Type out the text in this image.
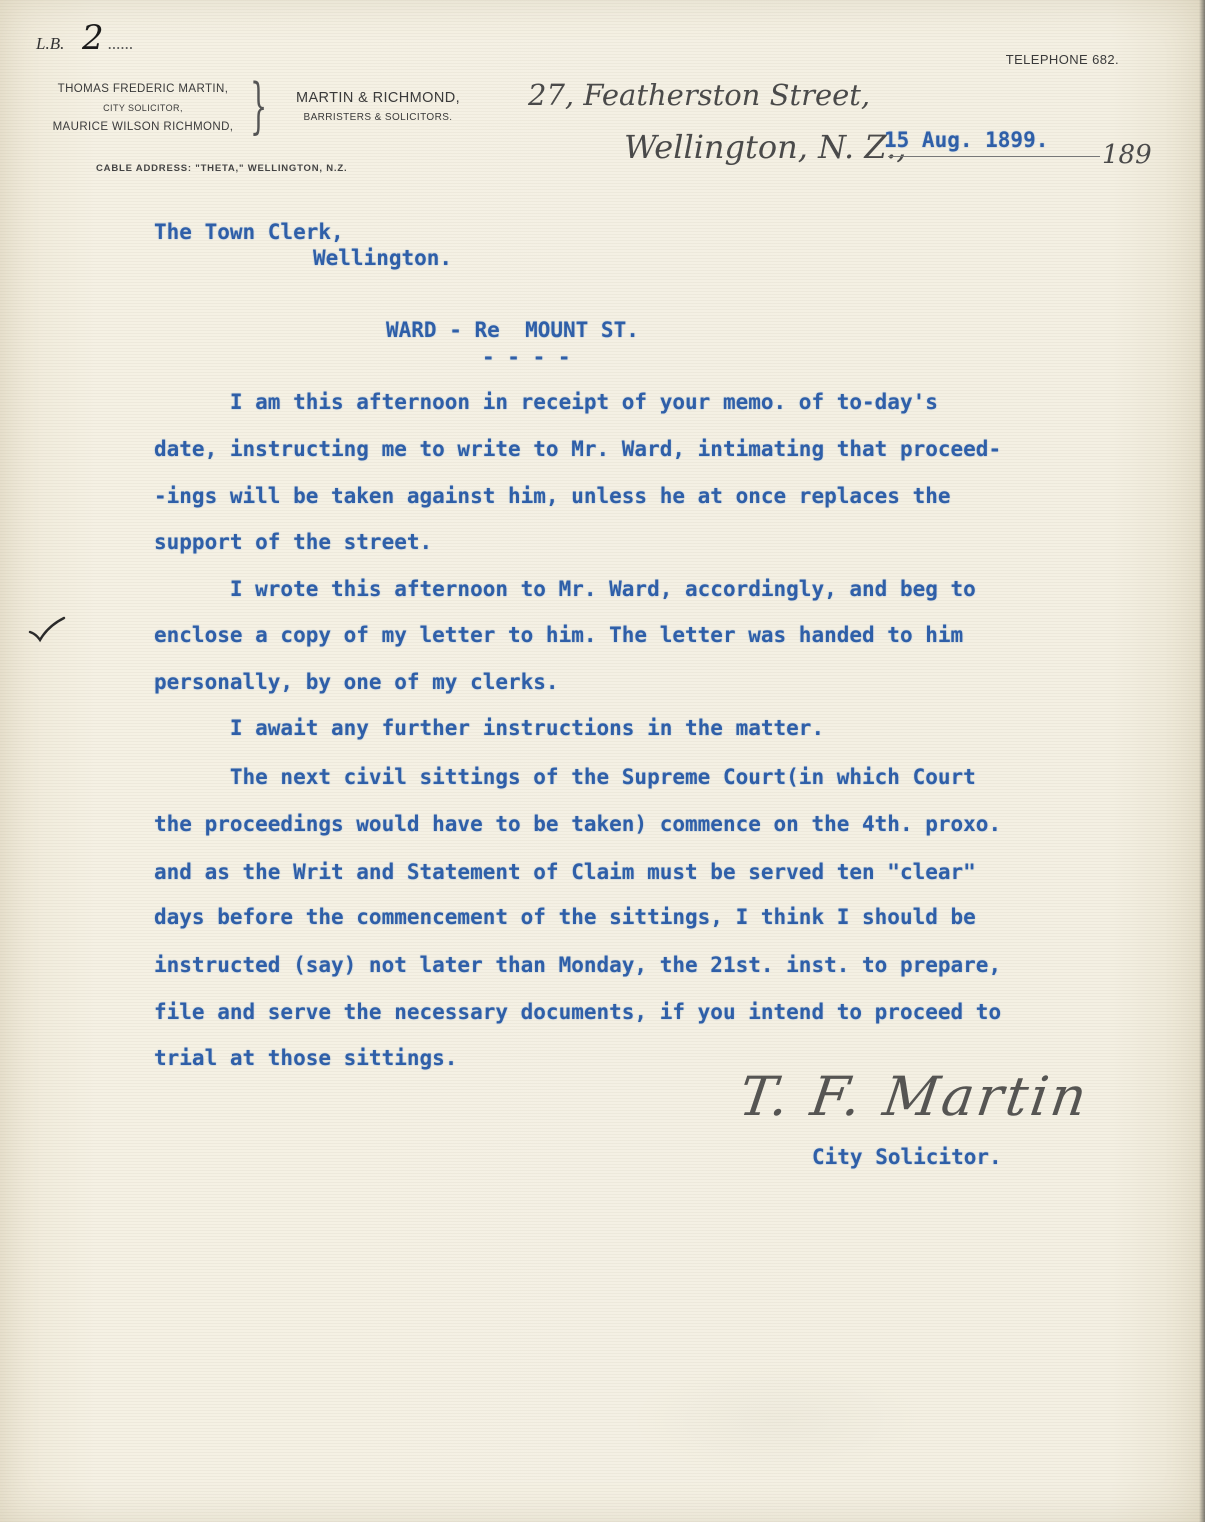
L.B. 2 ......
TELEPHONE 682.
THOMAS FREDERIC MARTIN,
CITY SOLICITOR,
MAURICE WILSON RICHMOND, }	MARTIN & RICHMOND,
BARRISTERS & SOLICITORS.
CABLE ADDRESS: "THETA," WELLINGTON, N.Z.
27, Featherston Street,
Wellington, N. Z.,
15 Aug. 1899. 189
The Town Clerk,
Wellington.
WARD - Re  MOUNT ST.
- - - -
I am this afternoon in receipt of your memo. of to-day's
date, instructing me to write to Mr. Ward, intimating that proceed-
-ings will be taken against him, unless he at once replaces the
support of the street.
I wrote this afternoon to Mr. Ward, accordingly, and beg to
enclose a copy of my letter to him. The letter was handed to him
personally, by one of my clerks.
I await any further instructions in the matter.
The next civil sittings of the Supreme Court(in which Court
the proceedings would have to be taken) commence on the 4th. proxo.
and as the Writ and Statement of Claim must be served ten "clear"
days before the commencement of the sittings, I think I should be
instructed (say) not later than Monday, the 21st. inst. to prepare,
file and serve the necessary documents, if you intend to proceed to
trial at those sittings.
T. F. Martin
City Solicitor.
